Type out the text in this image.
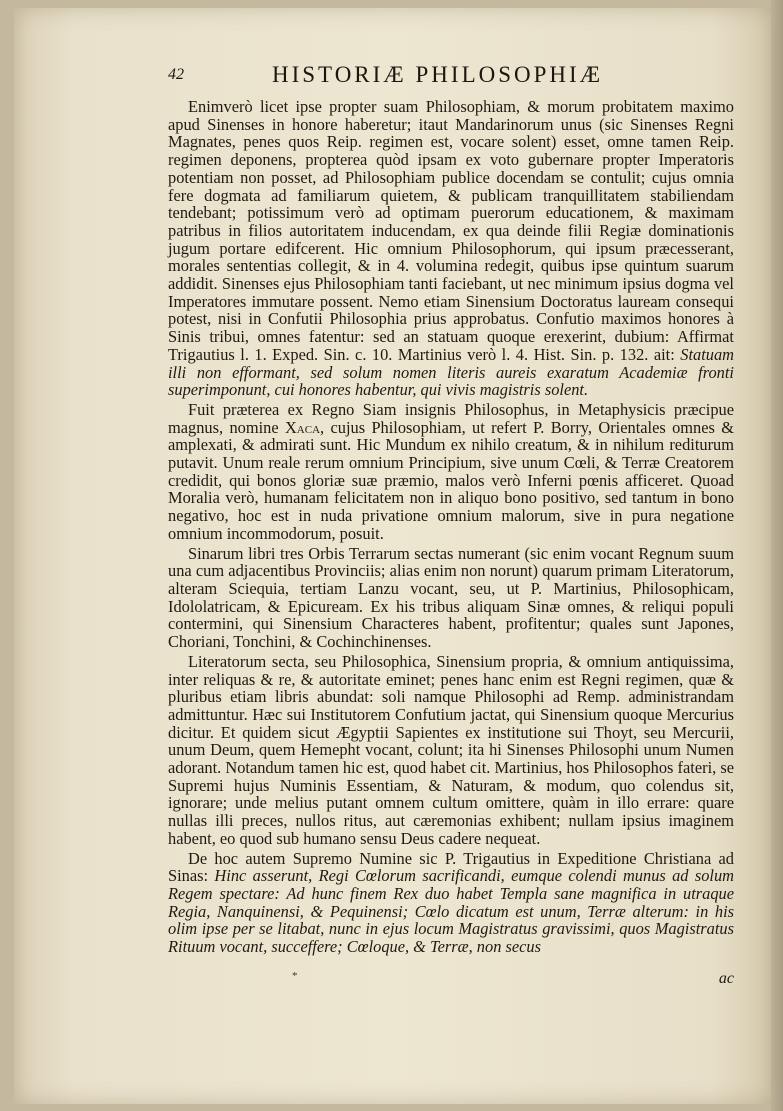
42	HISTORIÆ PHILOSOPHIÆ

Enimverò licet ipse propter suam Philosophiam, & morum probitatem maximo apud Sinenses in honore haberetur; itaut Mandarinorum unus (sic Sinenses Regni Magnates, penes quos Reip. regimen est, vocare solent) esset, omne tamen Reip. regimen deponens, propterea quòd ipsam ex voto gubernare propter Imperatoris potentiam non posset, ad Philosophiam publice docendam se contulit; cujus omnia fere dogmata ad familiarum quietem, & publicam tranquillitatem stabiliendam tendebant; potissimum verò ad optimam puerorum educationem, & maximam patribus in filios autoritatem inducendam, ex qua deinde filii Regiæ dominationis jugum portare edifcerent. Hic omnium Philosophorum, qui ipsum præcesserant, morales sententias collegit, & in 4. volumina redegit, quibus ipse quintum suarum addidit. Sinenses ejus Philosophiam tanti faciebant, ut nec minimum ipsius dogma vel Imperatores immutare possent. Nemo etiam Sinensium Doctoratus lauream consequi potest, nisi in Confutii Philosophia prius approbatus. Confutio maximos honores à Sinis tribui, omnes fatentur: sed an statuam quoque erexerint, dubium: Affirmat Trigautius l. 1. Exped. Sin. c. 10. Martinius verò l. 4. Hist. Sin. p. 132. ait: Statuam illi non efformant, sed solum nomen literis aureis exaratum Academiæ fronti superimponunt, cui honores habentur, qui vivis magistris solent.

Fuit præterea ex Regno Siam insignis Philosophus, in Metaphysicis præcipue magnus, nomine Xaca, cujus Philosophiam, ut refert P. Borry, Orientales omnes & amplexati, & admirati sunt. Hic Mundum ex nihilo creatum, & in nihilum rediturum putavit. Unum reale rerum omnium Principium, sive unum Cœli, & Terræ Creatorem credidit, qui bonos gloriæ suæ præmio, malos verò Inferni pœnis afficeret. Quoad Moralia verò, humanam felicitatem non in aliquo bono positivo, sed tantum in bono negativo, hoc est in nuda privatione omnium malorum, sive in pura negatione omnium incommodorum, posuit.

Sinarum libri tres Orbis Terrarum sectas numerant (sic enim vocant Regnum suum una cum adjacentibus Provinciis; alias enim non norunt) quarum primam Literatorum, alteram Sciequia, tertiam Lanzu vocant, seu, ut P. Martinius, Philosophicam, Idololatricam, & Epicuream. Ex his tribus aliquam Sinæ omnes, & reliqui populi contermini, qui Sinensium Characteres habent, profitentur; quales sunt Japones, Choriani, Tonchini, & Cochinchinenses.

Literatorum secta, seu Philosophica, Sinensium propria, & omnium antiquissima, inter reliquas & re, & autoritate eminet; penes hanc enim est Regni regimen, quæ & pluribus etiam libris abundat: soli namque Philosophi ad Remp. administrandam admittuntur. Hæc sui Institutorem Confutium jactat, qui Sinensium quoque Mercurius dicitur. Et quidem sicut Ægyptii Sapientes ex institutione sui Thoyt, seu Mercurii, unum Deum, quem Hemepht vocant, colunt; ita hi Sinenses Philosophi unum Numen adorant. Notandum tamen hic est, quod habet cit. Martinius, hos Philosophos fateri, se Supremi hujus Numinis Essentiam, & Naturam, & modum, quo colendus sit, ignorare; unde melius putant omnem cultum omittere, quàm in illo errare: quare nullas illi preces, nullos ritus, aut cæremonias exhibent; nullam ipsius imaginem habent, eo quod sub humano sensu Deus cadere nequeat.

De hoc autem Supremo Numine sic P. Trigautius in Expeditione Christiana ad Sinas: Hinc asserunt, Regi Cœlorum sacrificandi, eumque colendi munus ad solum Regem spectare: Ad hunc finem Rex duo habet Templa sane magnifica in utraque Regia, Nanquinensi, & Pequinensi; Cœlo dicatum est unum, Terræ alterum: in his olim ipse per se litabat, nunc in ejus locum Magistratus gravissimi, quos Magistratus Rituum vocant, succeffere; Cœloque, & Terræ, non secus

*	ac
